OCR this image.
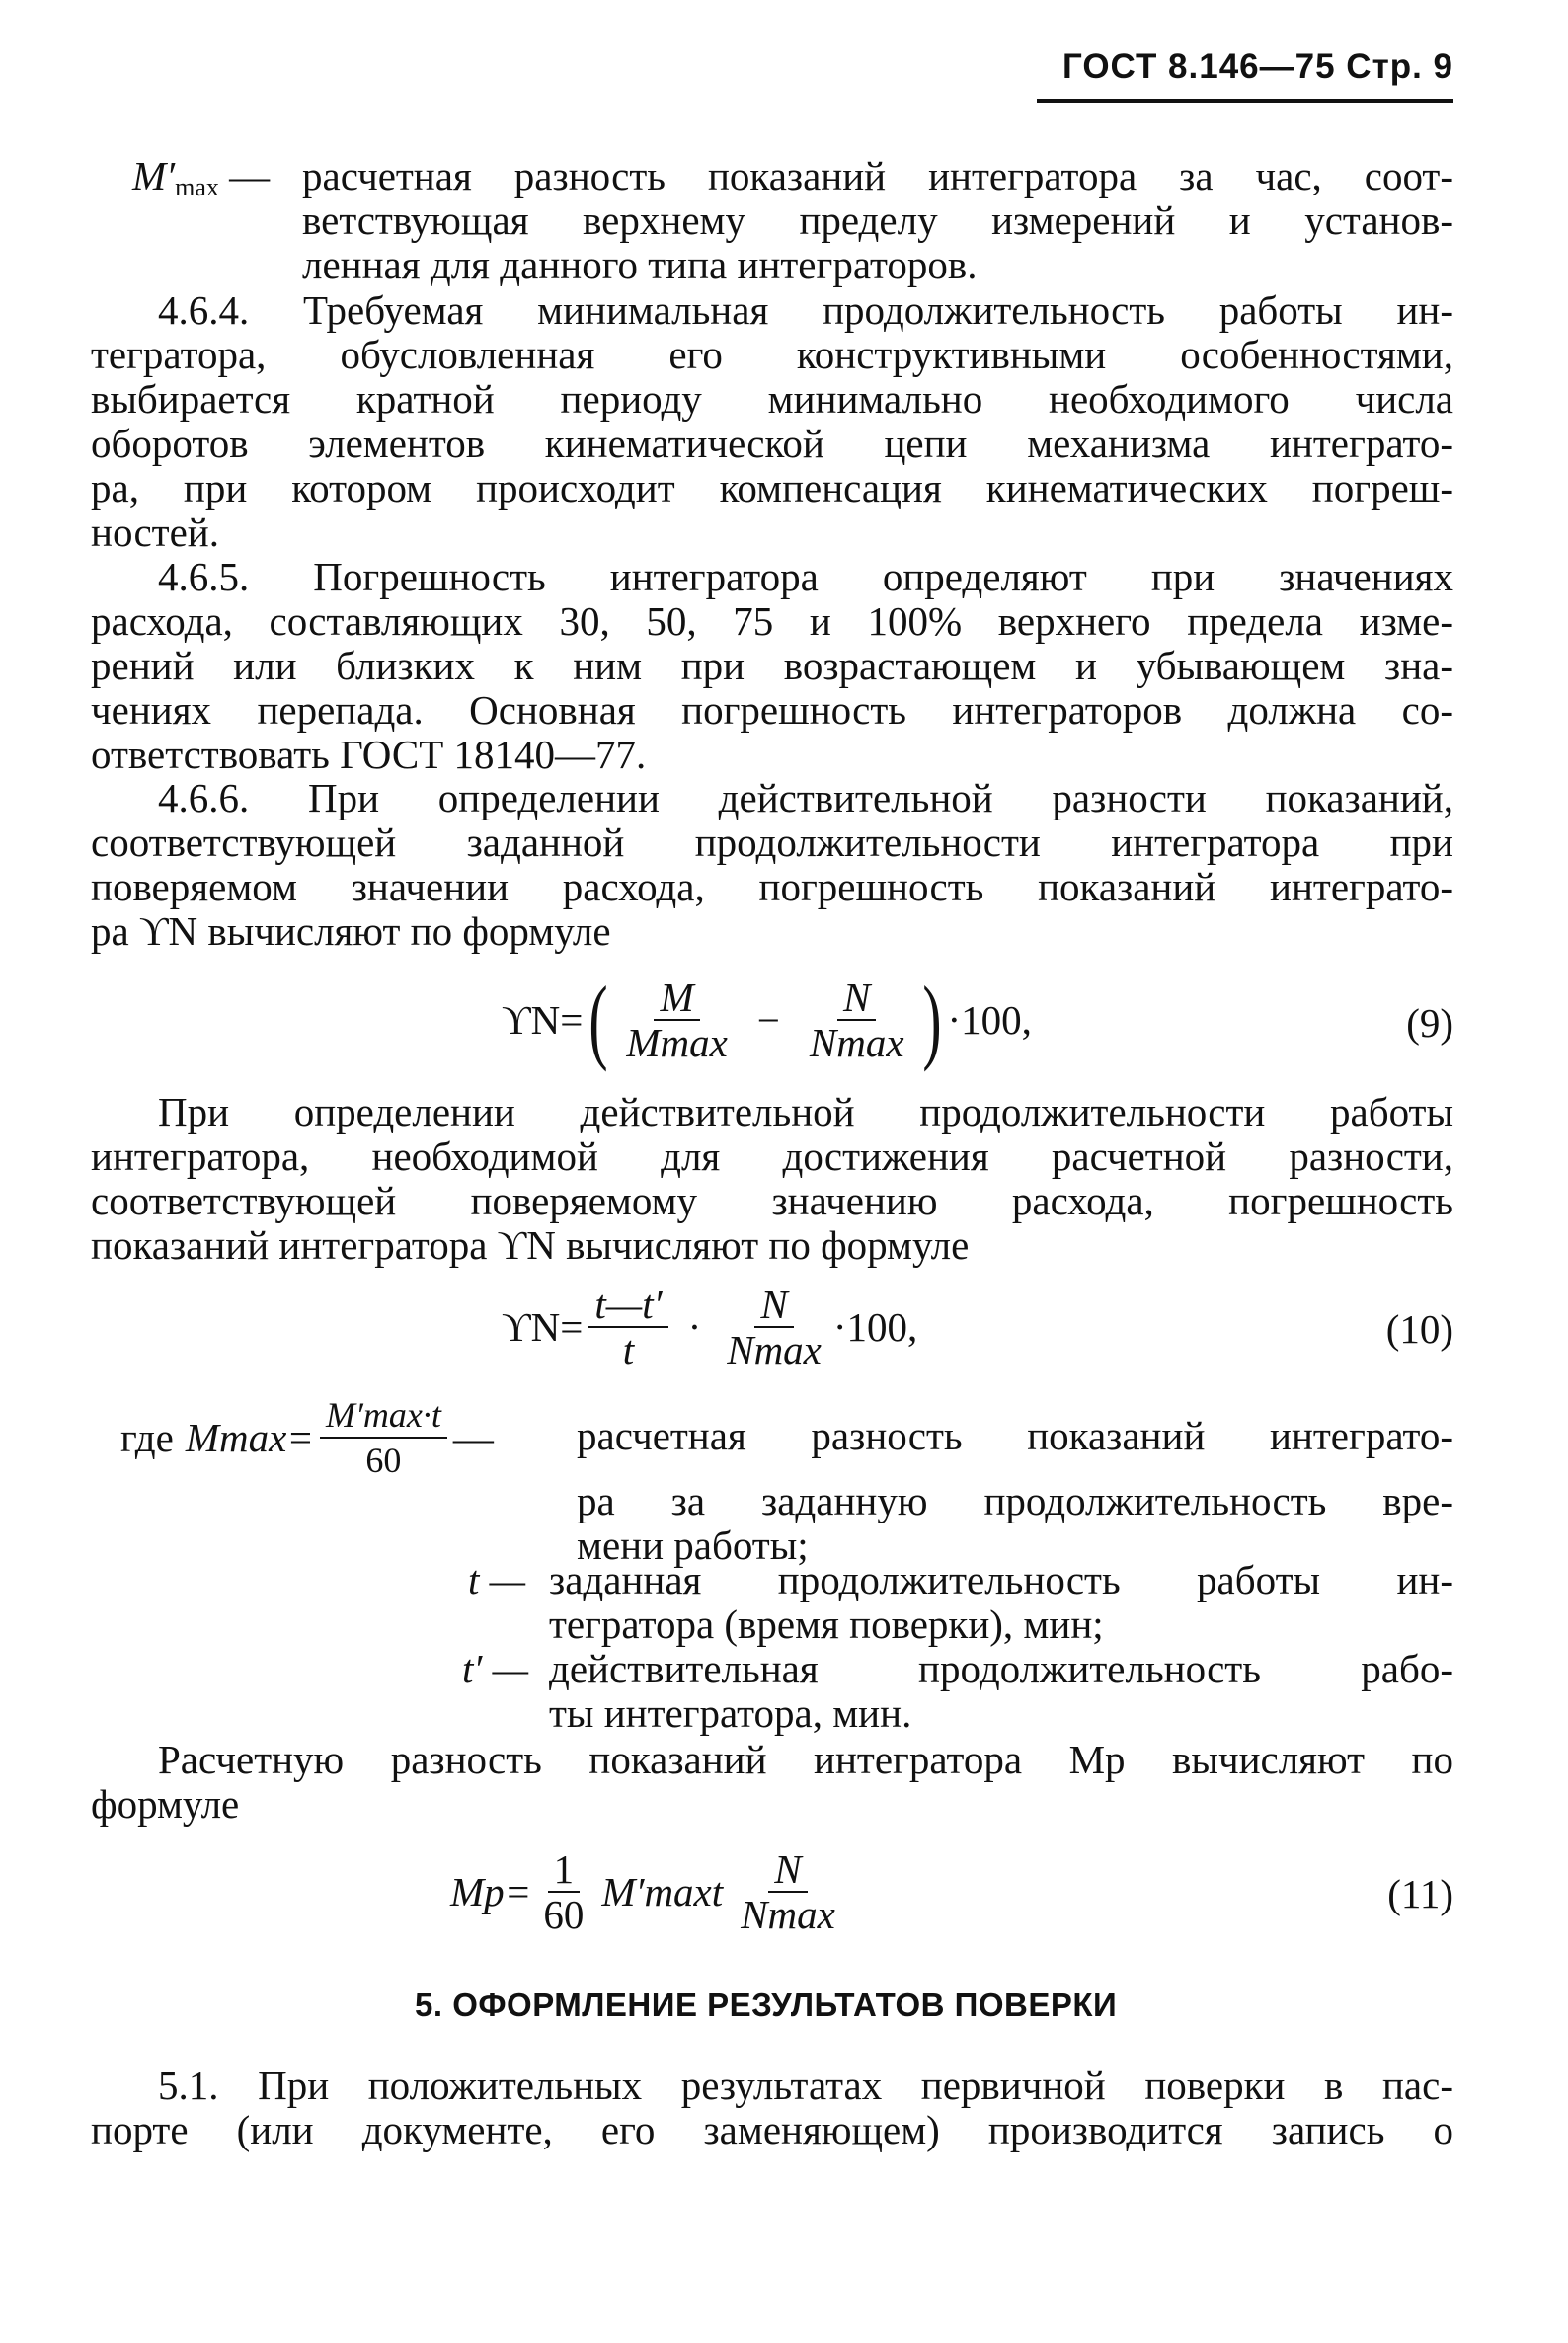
ГОСТ 8.146—75 Стр. 9
$M'_{max}$ — расчетная разность показаний интегратора за час, соот-
ветствующая верхнему пределу измерений и установ-
ленная для данного типа интеграторов.
4.6.4. Требуемая минимальная продолжительность работы ин-
тегратора, обусловленная его конструктивными особенностями,
выбирается кратной периоду минимально необходимого числа
оборотов элементов кинематической цепи механизма интеграто-
ра, при котором происходит компенсация кинематических погреш-
ностей.
4.6.5. Погрешность интегратора определяют при значениях
расхода, составляющих 30, 50, 75 и 100% верхнего предела изме-
рений или близких к ним при возрастающем и убывающем зна-
чениях перепада. Основная погрешность интеграторов должна со-
ответствовать ГОСТ 18140—77.
4.6.6. При определении действительной разности показаний,
соответствующей заданной продолжительности интегратора при
поверяемом значении расхода, погрешность показаний интеграто-
ра ϒN вычисляют по формуле
ϒN= ( $\frac{M}{Mmax} - \frac{N}{Nmax}$ ) ·100,	(9)
При определении действительной продолжительности работы
интегратора, необходимой для достижения расчетной разности,
соответствующей поверяемому значению расхода, погрешность
показаний интегратора ϒN вычисляют по формуле
$ϒN= \frac{t—t'}{t} \cdot \frac{N}{Nmax} \cdot 100$,	(10)
где $Mmax= \frac{M'\max\cdot t}{60}$ — расчетная разность показаний интеграто-
ра за заданную продолжительность вре-
мени работы;
t — заданная продолжительность работы ин-
тегратора (время поверки), мин;
t′ — действительная продолжительность рабо-
ты интегратора, мин.
Расчетную разность показаний интегратора Mр вычисляют по
формуле
$Mр= \frac{1}{60} M'\max t \frac{N}{Nmax}$	(11)
5. ОФОРМЛЕНИЕ РЕЗУЛЬТАТОВ ПОВЕРКИ
5.1. При положительных результатах первичной поверки в пас-
порте (или документе, его заменяющем) производится запись о
